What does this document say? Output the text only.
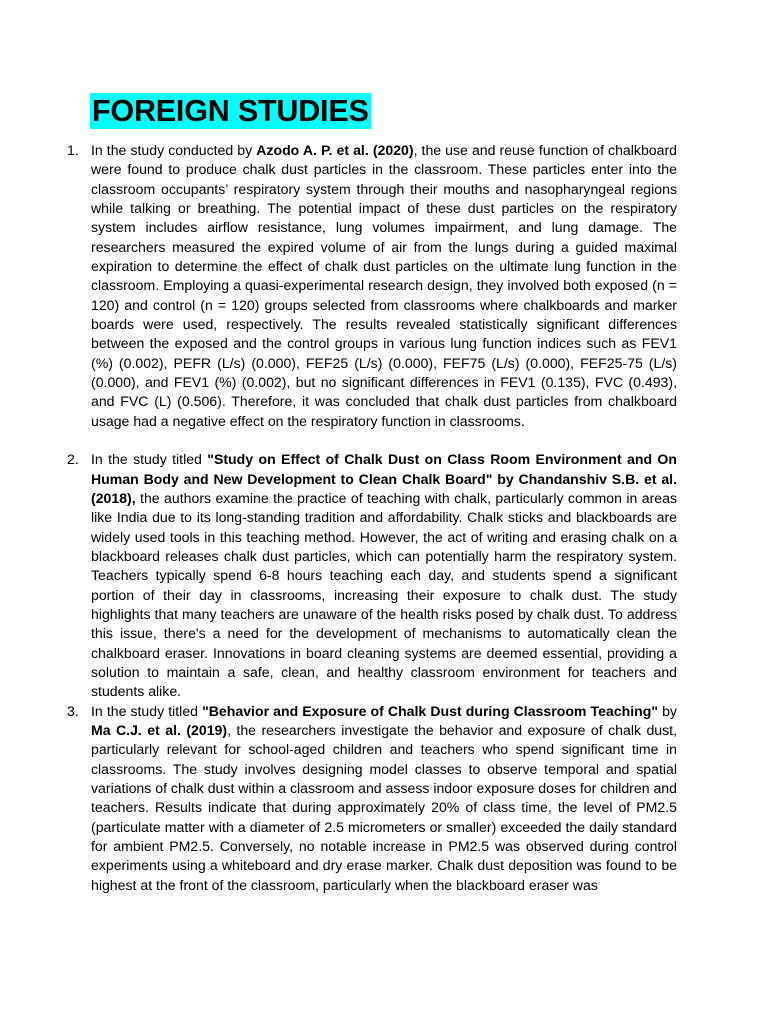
FOREIGN STUDIES
1. In the study conducted by Azodo A. P. et al. (2020), the use and reuse function of chalkboard were found to produce chalk dust particles in the classroom. These particles enter into the classroom occupants’ respiratory system through their mouths and nasopharyngeal regions while talking or breathing. The potential impact of these dust particles on the respiratory system includes airflow resistance, lung volumes impairment, and lung damage. The researchers measured the expired volume of air from the lungs during a guided maximal expiration to determine the effect of chalk dust particles on the ultimate lung function in the classroom. Employing a quasi-experimental research design, they involved both exposed (n = 120) and control (n = 120) groups selected from classrooms where chalkboards and marker boards were used, respectively. The results revealed statistically significant differences between the exposed and the control groups in various lung function indices such as FEV1 (%) (0.002), PEFR (L/s) (0.000), FEF25 (L/s) (0.000), FEF75 (L/s) (0.000), FEF25-75 (L/s) (0.000), and FEV1 (%) (0.002), but no significant differences in FEV1 (0.135), FVC (0.493), and FVC (L) (0.506). Therefore, it was concluded that chalk dust particles from chalkboard usage had a negative effect on the respiratory function in classrooms.
2. In the study titled "Study on Effect of Chalk Dust on Class Room Environment and On Human Body and New Development to Clean Chalk Board" by Chandanshiv S.B. et al. (2018), the authors examine the practice of teaching with chalk, particularly common in areas like India due to its long-standing tradition and affordability. Chalk sticks and blackboards are widely used tools in this teaching method. However, the act of writing and erasing chalk on a blackboard releases chalk dust particles, which can potentially harm the respiratory system. Teachers typically spend 6-8 hours teaching each day, and students spend a significant portion of their day in classrooms, increasing their exposure to chalk dust. The study highlights that many teachers are unaware of the health risks posed by chalk dust. To address this issue, there's a need for the development of mechanisms to automatically clean the chalkboard eraser. Innovations in board cleaning systems are deemed essential, providing a solution to maintain a safe, clean, and healthy classroom environment for teachers and students alike.
3. In the study titled "Behavior and Exposure of Chalk Dust during Classroom Teaching" by Ma C.J. et al. (2019), the researchers investigate the behavior and exposure of chalk dust, particularly relevant for school-aged children and teachers who spend significant time in classrooms. The study involves designing model classes to observe temporal and spatial variations of chalk dust within a classroom and assess indoor exposure doses for children and teachers. Results indicate that during approximately 20% of class time, the level of PM2.5 (particulate matter with a diameter of 2.5 micrometers or smaller) exceeded the daily standard for ambient PM2.5. Conversely, no notable increase in PM2.5 was observed during control experiments using a whiteboard and dry erase marker. Chalk dust deposition was found to be highest at the front of the classroom, particularly when the blackboard eraser was
